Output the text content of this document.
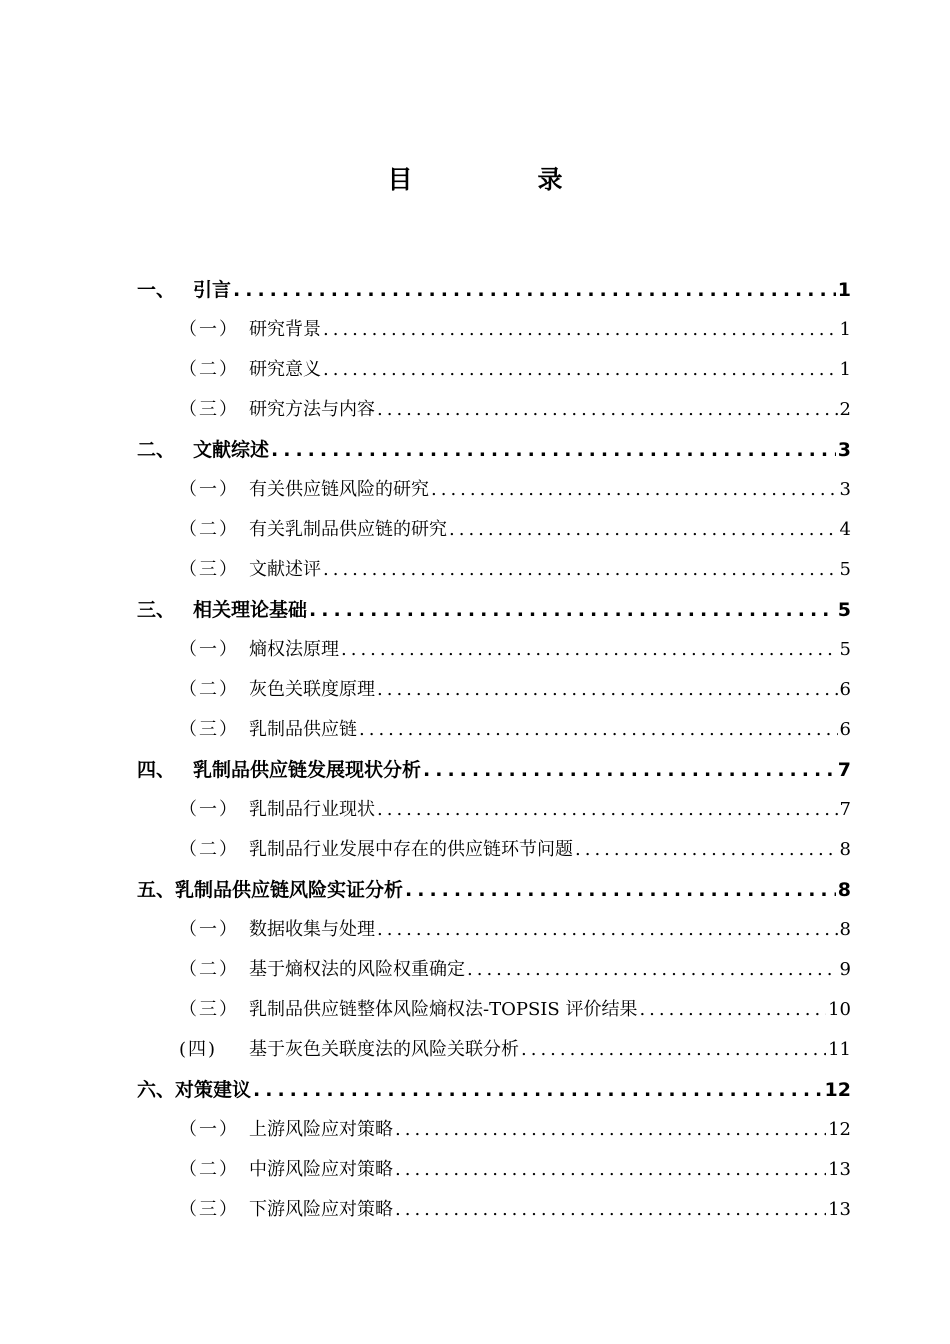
目　录
一、 引言 .....	1
（一） 研究背景 .....	1
（二） 研究意义 .....	1
（三） 研究方法与内容 .....	2
二、 文献综述 .....	3
（一） 有关供应链风险的研究 .....	3
（二） 有关乳制品供应链的研究 .....	4
（三） 文献述评 .....	5
三、 相关理论基础 .....	5
（一） 熵权法原理 .....	5
（二） 灰色关联度原理 .....	6
（三） 乳制品供应链 .....	6
四、 乳制品供应链发展现状分析 .....	7
（一） 乳制品行业现状 .....	7
（二） 乳制品行业发展中存在的供应链环节问题 .....	8
五、 乳制品供应链风险实证分析 .....	8
（一） 数据收集与处理 .....	8
（二） 基于熵权法的风险权重确定 .....	9
（三） 乳制品供应链整体风险熵权法-TOPSIS 评价结果 .....	10
(四)	基于灰色关联度法的风险关联分析 .....	11
六、 对策建议 .....	12
（一） 上游风险应对策略 .....	12
（二） 中游风险应对策略 .....	13
（三） 下游风险应对策略 .....	13
